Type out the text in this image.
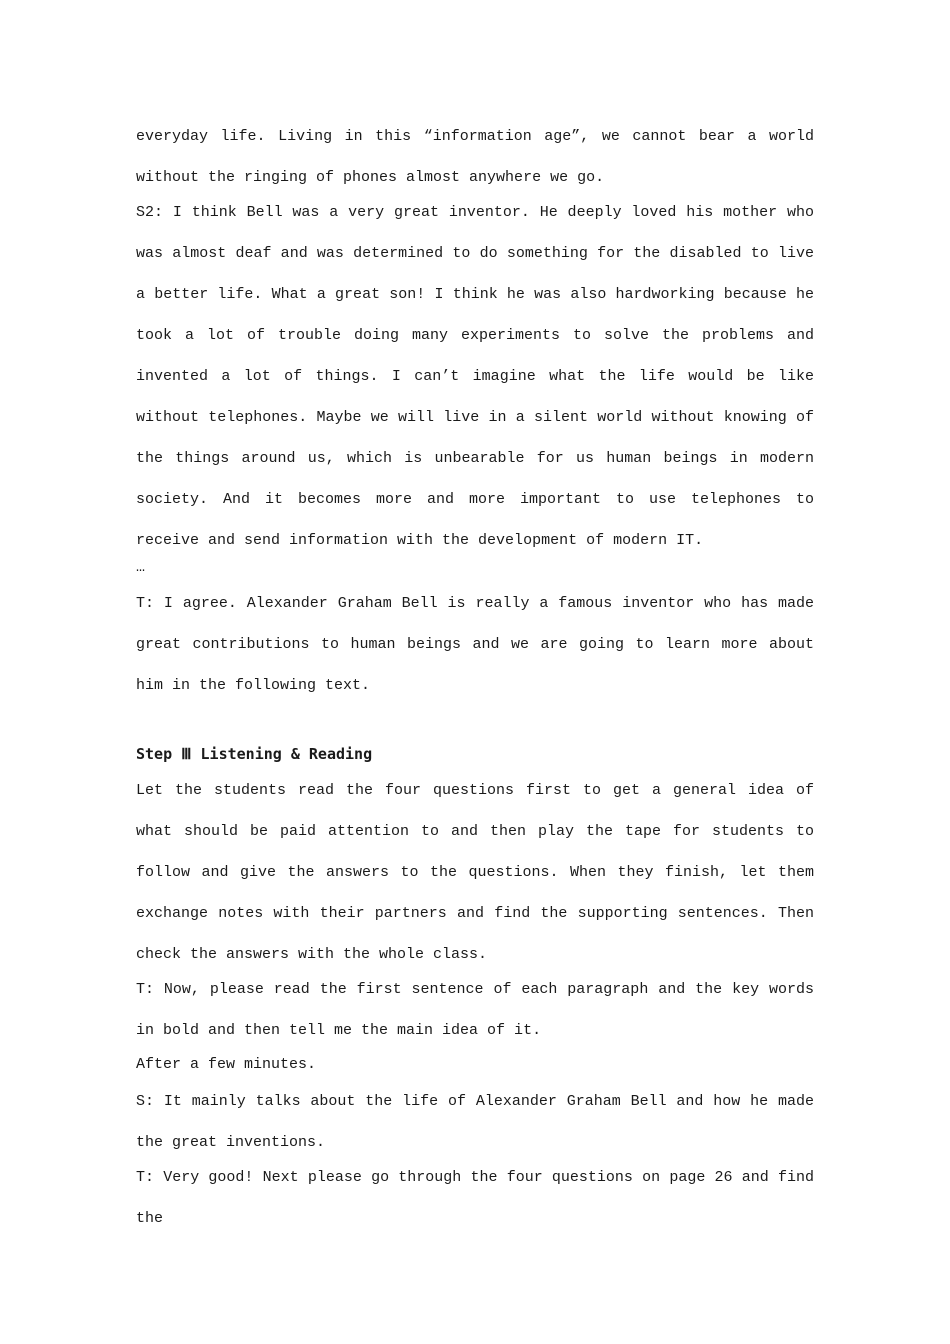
everyday life. Living in this “information age”, we cannot bear a world without the ringing of phones almost anywhere we go.

S2: I think Bell was a very great inventor. He deeply loved his mother who was almost deaf and was determined to do something for the disabled to live a better life. What a great son! I think he was also hardworking because he took a lot of trouble doing many experiments to solve the problems and invented a lot of things. I can’t imagine what the life would be like without telephones. Maybe we will live in a silent world without knowing of the things around us, which is unbearable for us human beings in modern society. And it becomes more and more important to use telephones to receive and send information with the development of modern IT.

…

T: I agree. Alexander Graham Bell is really a famous inventor who has made great contributions to human beings and we are going to learn more about him in the following text.

Step Ⅲ Listening & Reading

Let the students read the four questions first to get a general idea of what should be paid attention to and then play the tape for students to follow and give the answers to the questions. When they finish, let them exchange notes with their partners and find the supporting sentences. Then check the answers with the whole class.

T: Now, please read the first sentence of each paragraph and the key words in bold and then tell me the main idea of it.

After a few minutes.

S: It mainly talks about the life of Alexander Graham Bell and how he made the great inventions.

T: Very good! Next please go through the four questions on page 26 and find the
